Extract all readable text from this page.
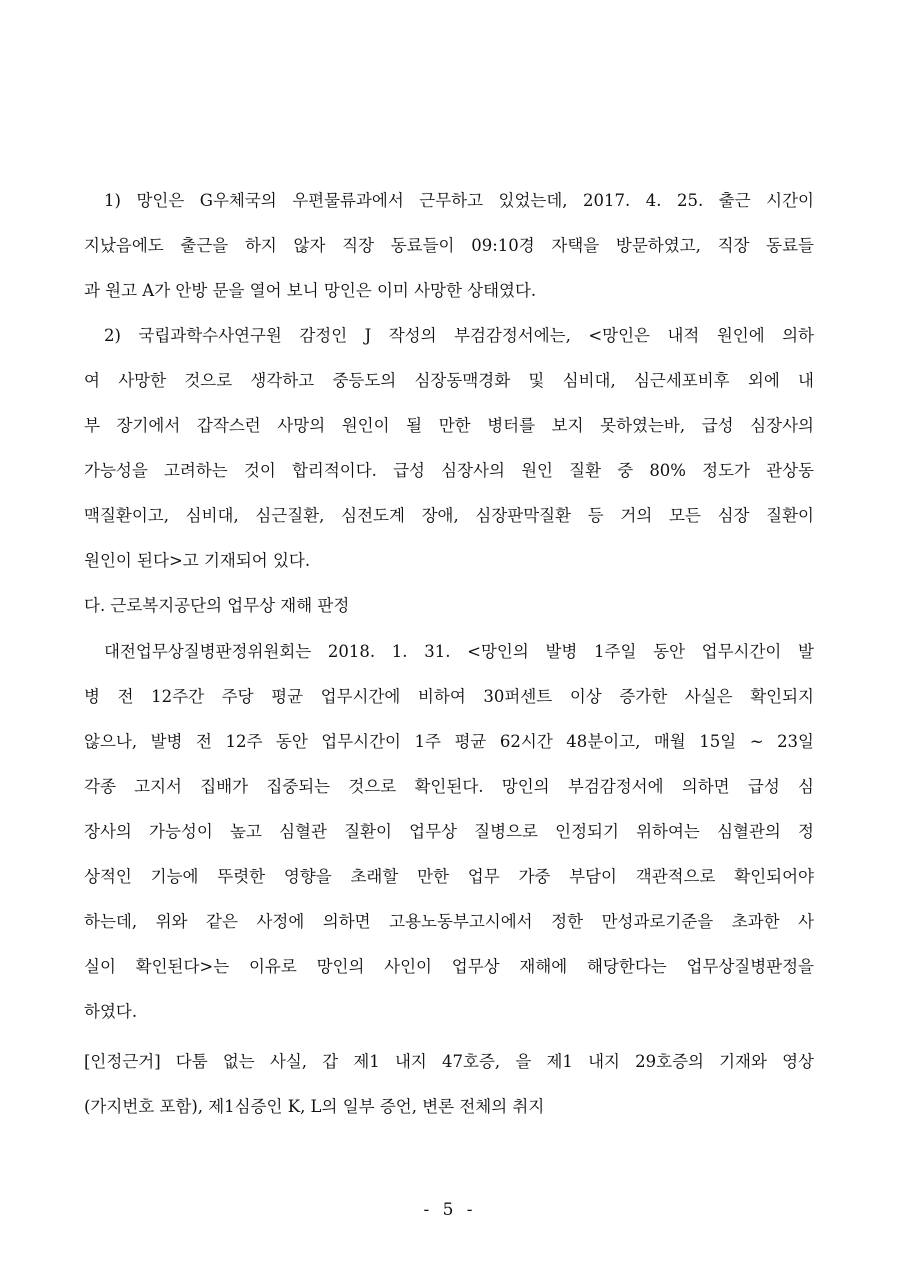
1) 망인은 G우체국의 우편물류과에서 근무하고 있었는데, 2017. 4. 25. 출근 시간이
지났음에도 출근을 하지 않자 직장 동료들이 09:10경 자택을 방문하였고, 직장 동료들
과 원고 A가 안방 문을 열어 보니 망인은 이미 사망한 상태였다.
2) 국립과학수사연구원 감정인 J 작성의 부검감정서에는, <망인은 내적 원인에 의하
여 사망한 것으로 생각하고 중등도의 심장동맥경화 및 심비대, 심근세포비후 외에 내
부 장기에서 갑작스런 사망의 원인이 될 만한 병터를 보지 못하였는바, 급성 심장사의
가능성을 고려하는 것이 합리적이다. 급성 심장사의 원인 질환 중 80% 정도가 관상동
맥질환이고, 심비대, 심근질환, 심전도계 장애, 심장판막질환 등 거의 모든 심장 질환이
원인이 된다>고 기재되어 있다.
다. 근로복지공단의 업무상 재해 판정
대전업무상질병판정위원회는 2018. 1. 31. <망인의 발병 1주일 동안 업무시간이 발
병 전 12주간 주당 평균 업무시간에 비하여 30퍼센트 이상 증가한 사실은 확인되지
않으나, 발병 전 12주 동안 업무시간이 1주 평균 62시간 48분이고, 매월 15일 ~ 23일
각종 고지서 집배가 집중되는 것으로 확인된다. 망인의 부검감정서에 의하면 급성 심
장사의 가능성이 높고 심혈관 질환이 업무상 질병으로 인정되기 위하여는 심혈관의 정
상적인 기능에 뚜렷한 영향을 초래할 만한 업무 가중 부담이 객관적으로 확인되어야
하는데, 위와 같은 사정에 의하면 고용노동부고시에서 정한 만성과로기준을 초과한 사
실이 확인된다>는 이유로 망인의 사인이 업무상 재해에 해당한다는 업무상질병판정을
하였다.
[인정근거] 다툼 없는 사실, 갑 제1 내지 47호증, 을 제1 내지 29호증의 기재와 영상
(가지번호 포함), 제1심증인 K, L의 일부 증언, 변론 전체의 취지
- 5 -
